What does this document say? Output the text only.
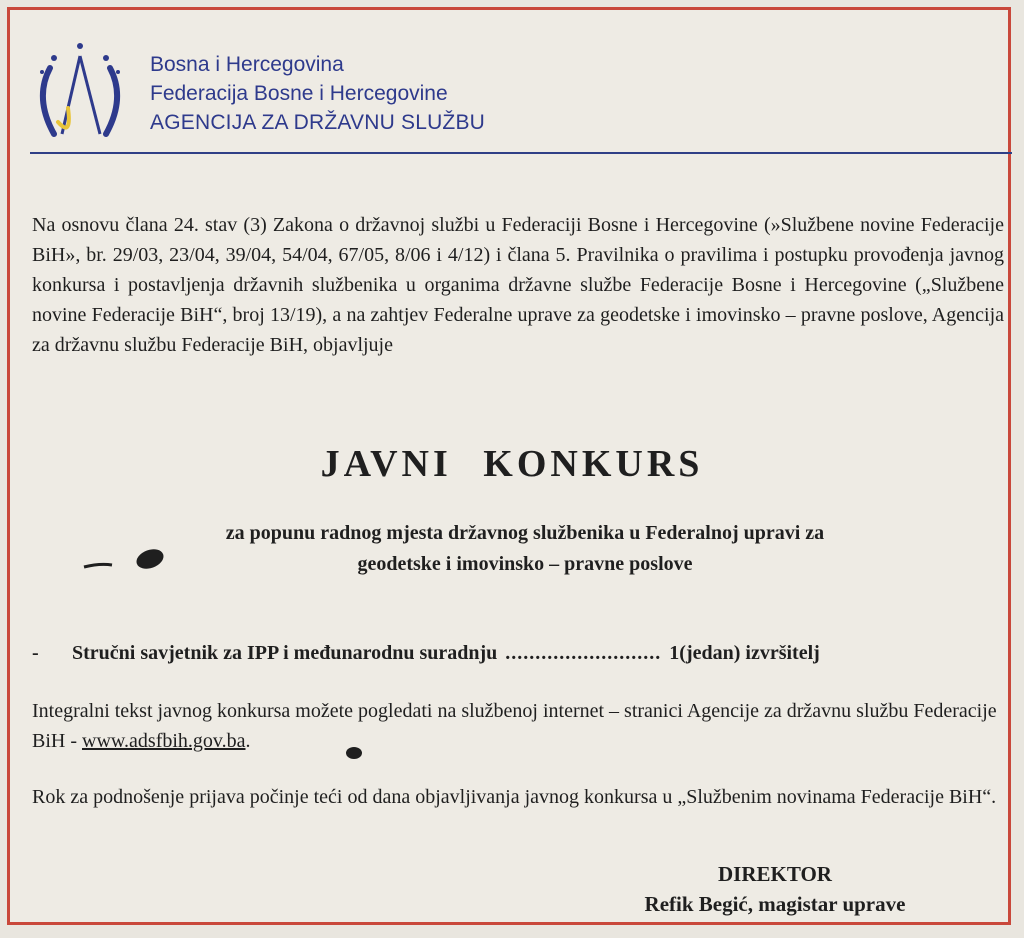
Bosna i Hercegovina
Federacija Bosne i Hercegovine
AGENCIJA ZA DRŽAVNU SLUŽBU
Na osnovu člana 24. stav (3) Zakona o državnoj službi u Federaciji Bosne i Hercegovine (»Službene novine Federacije BiH», br. 29/03, 23/04, 39/04, 54/04, 67/05, 8/06 i 4/12) i člana 5. Pravilnika o pravilima i postupku provođenja javnog konkursa i postavljenja državnih službenika u organima državne službe Federacije Bosne i Hercegovine („Službene novine Federacije BiH“, broj 13/19), a na zahtjev Federalne uprave za geodetske i imovinsko – pravne poslove, Agencija za državnu službu Federacije BiH, objavljuje
JAVNI KONKURS
za popunu radnog mjesta državnog službenika u Federalnoj upravi za
geodetske i imovinsko – pravne poslove
-	Stručni savjetnik za IPP i međunarodnu suradnju .......................... 1(jedan) izvršitelj
Integralni tekst javnog konkursa možete pogledati na službenoj internet – stranici Agencije za državnu službu Federacije BiH - www.adsfbih.gov.ba.
Rok za podnošenje prijava počinje teći od dana objavljivanja javnog konkursa u „Službenim novinama Federacije BiH“.
DIREKTOR
Refik Begić, magistar uprave
